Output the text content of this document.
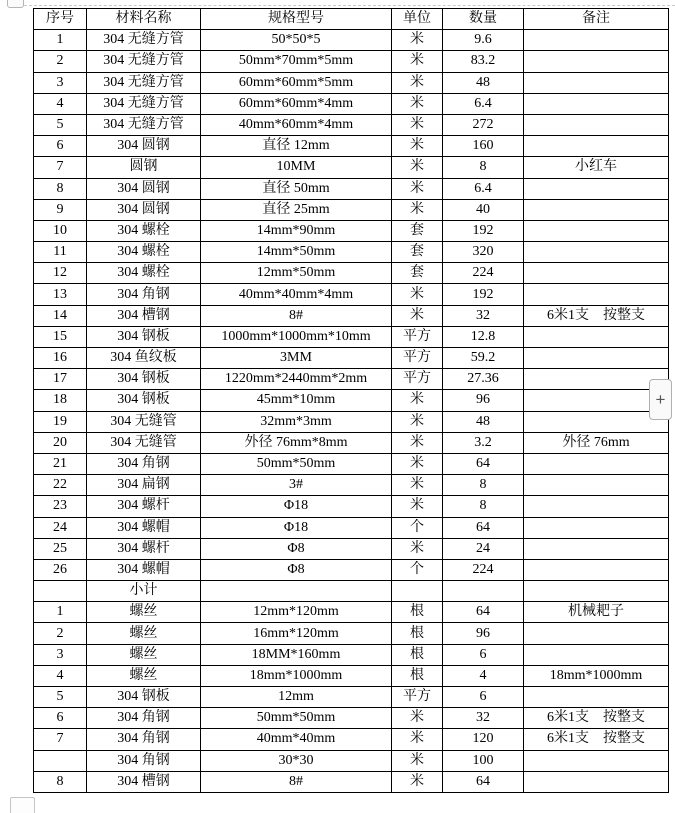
序号	材料名称	规格型号	单位	数量	备注
1	304 无缝方管	50*50*5	米	9.6	
2	304 无缝方管	50mm*70mm*5mm	米	83.2	
3	304 无缝方管	60mm*60mm*5mm	米	48	
4	304 无缝方管	60mm*60mm*4mm	米	6.4	
5	304 无缝方管	40mm*60mm*4mm	米	272	
6	304 圆钢	直径 12mm	米	160	
7	圆钢	10MM	米	8	小红车
8	304 圆钢	直径 50mm	米	6.4	
9	304 圆钢	直径 25mm	米	40	
10	304 螺栓	14mm*90mm	套	192	
11	304 螺栓	14mm*50mm	套	320	
12	304 螺栓	12mm*50mm	套	224	
13	304 角钢	40mm*40mm*4mm	米	192	
14	304 槽钢	8#	米	32	6米1支　按整支
15	304 钢板	1000mm*1000mm*10mm	平方	12.8	
16	304 鱼纹板	3MM	平方	59.2	
17	304 钢板	1220mm*2440mm*2mm	平方	27.36	
18	304 钢板	45mm*10mm	米	96	
19	304 无缝管	32mm*3mm	米	48	
20	304 无缝管	外径 76mm*8mm	米	3.2	外径 76mm
21	304 角钢	50mm*50mm	米	64	
22	304 扁钢	3#	米	8	
23	304 螺杆	Φ18	米	8	
24	304 螺帽	Φ18	个	64	
25	304 螺杆	Φ8	米	24	
26	304 螺帽	Φ8	个	224	
	小计				
1	螺丝	12mm*120mm	根	64	机械耙子
2	螺丝	16mm*120mm	根	96	
3	螺丝	18MM*160mm	根	6	
4	螺丝	18mm*1000mm	根	4	18mm*1000mm
5	304 钢板	12mm	平方	6	
6	304 角钢	50mm*50mm	米	32	6米1支　按整支
7	304 角钢	40mm*40mm	米	120	6米1支　按整支
	304 角钢	30*30	米	100	
8	304 槽钢	8#	米	64	
+
